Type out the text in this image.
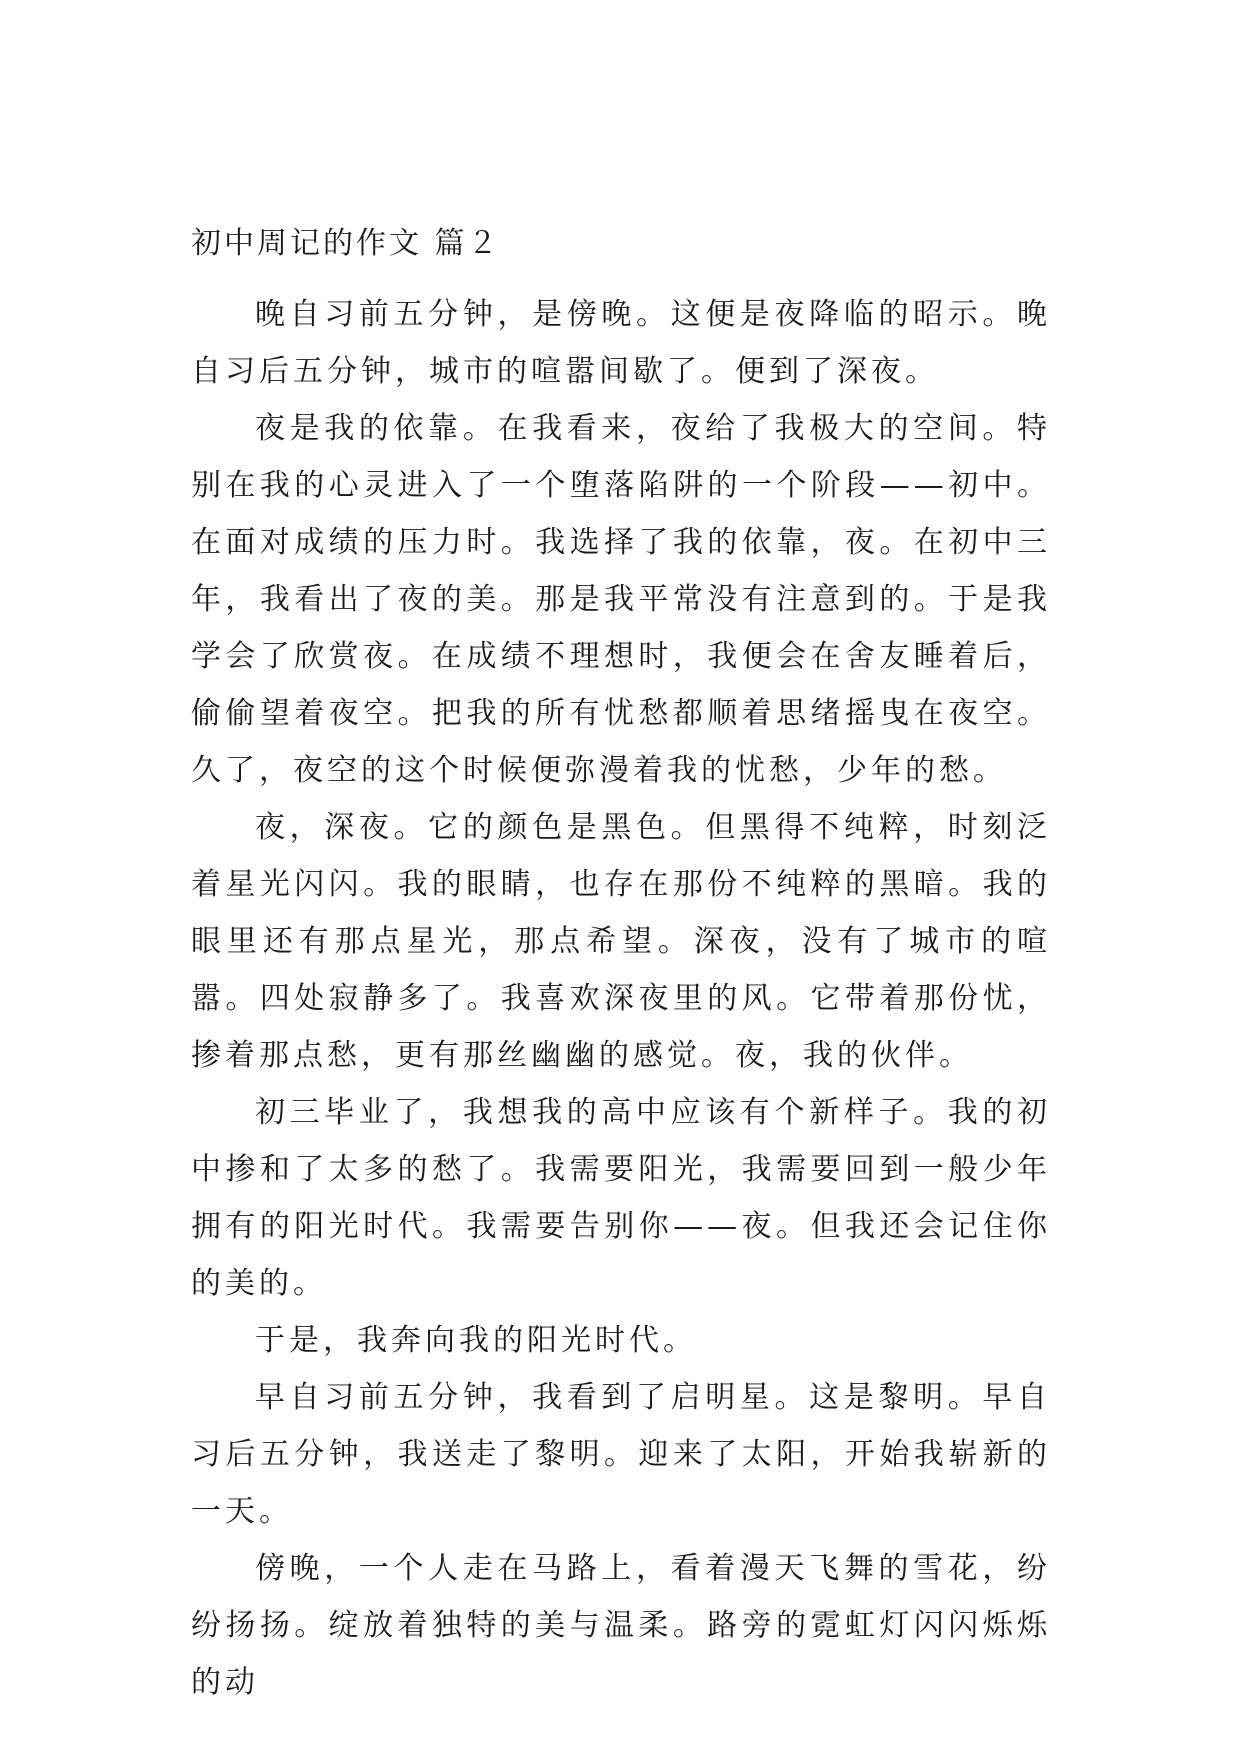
初中周记的作文 篇２

晚自习前五分钟，是傍晚。这便是夜降临的昭示。晚自习后五分钟，城市的喧嚣间歇了。便到了深夜。

夜是我的依靠。在我看来，夜给了我极大的空间。特别在我的心灵进入了一个堕落陷阱的一个阶段——初中。在面对成绩的压力时。我选择了我的依靠，夜。在初中三年，我看出了夜的美。那是我平常没有注意到的。于是我学会了欣赏夜。在成绩不理想时，我便会在舍友睡着后，偷偷望着夜空。把我的所有忧愁都顺着思绪摇曳在夜空。久了，夜空的这个时候便弥漫着我的忧愁，少年的愁。

夜，深夜。它的颜色是黑色。但黑得不纯粹，时刻泛着星光闪闪。我的眼睛，也存在那份不纯粹的黑暗。我的眼里还有那点星光，那点希望。深夜，没有了城市的喧嚣。四处寂静多了。我喜欢深夜里的风。它带着那份忧，掺着那点愁，更有那丝幽幽的感觉。夜，我的伙伴。

初三毕业了，我想我的高中应该有个新样子。我的初中掺和了太多的愁了。我需要阳光，我需要回到一般少年拥有的阳光时代。我需要告别你——夜。但我还会记住你的美的。

于是，我奔向我的阳光时代。

早自习前五分钟，我看到了启明星。这是黎明。早自习后五分钟，我送走了黎明。迎来了太阳，开始我崭新的一天。

傍晚，一个人走在马路上，看着漫天飞舞的雪花，纷纷扬扬。绽放着独特的美与温柔。路旁的霓虹灯闪闪烁烁的动
